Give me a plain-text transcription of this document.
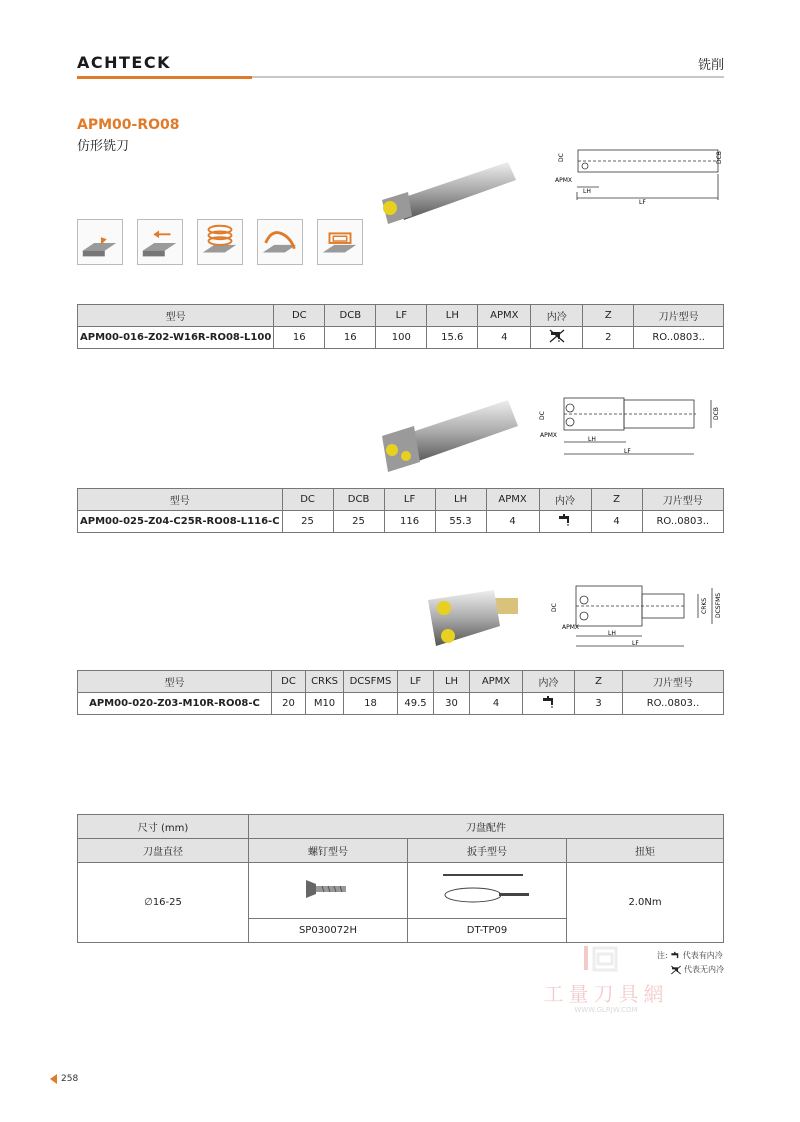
ACHTECK	铣削
APM00-RO08
仿形铣刀
DC	DCB
APMX
LH
LF
型号	DC	DCB	LF	LH	APMX	内冷	Z	刀片型号
APM00-016-Z02-W16R-RO08-L100	16	16	100	15.6	4		2	RO..0803..
DC	DCB
APMX
LH
LF
型号	DC	DCB	LF	LH	APMX	内冷	Z	刀片型号
APM00-025-Z04-C25R-RO08-L116-C	25	25	116	55.3	4		4	RO..0803..
DC	CRKS DCSFMS
APMX
LH
LF
型号	DC	CRKS	DCSFMS	LF	LH	APMX	内冷	Z	刀片型号
APM00-020-Z03-M10R-RO08-C	20	M10	18	49.5	30	4		3	RO..0803..
尺寸 (mm)	刀盘配件		
刀盘直径	螺钉型号	扳手型号	扭矩
∅16-25			2.0Nm
	SP030072H	DT-TP09	
工量刀具網
WWW.GLRJW.COM
注: 代表有内冷
代表无内冷
258
